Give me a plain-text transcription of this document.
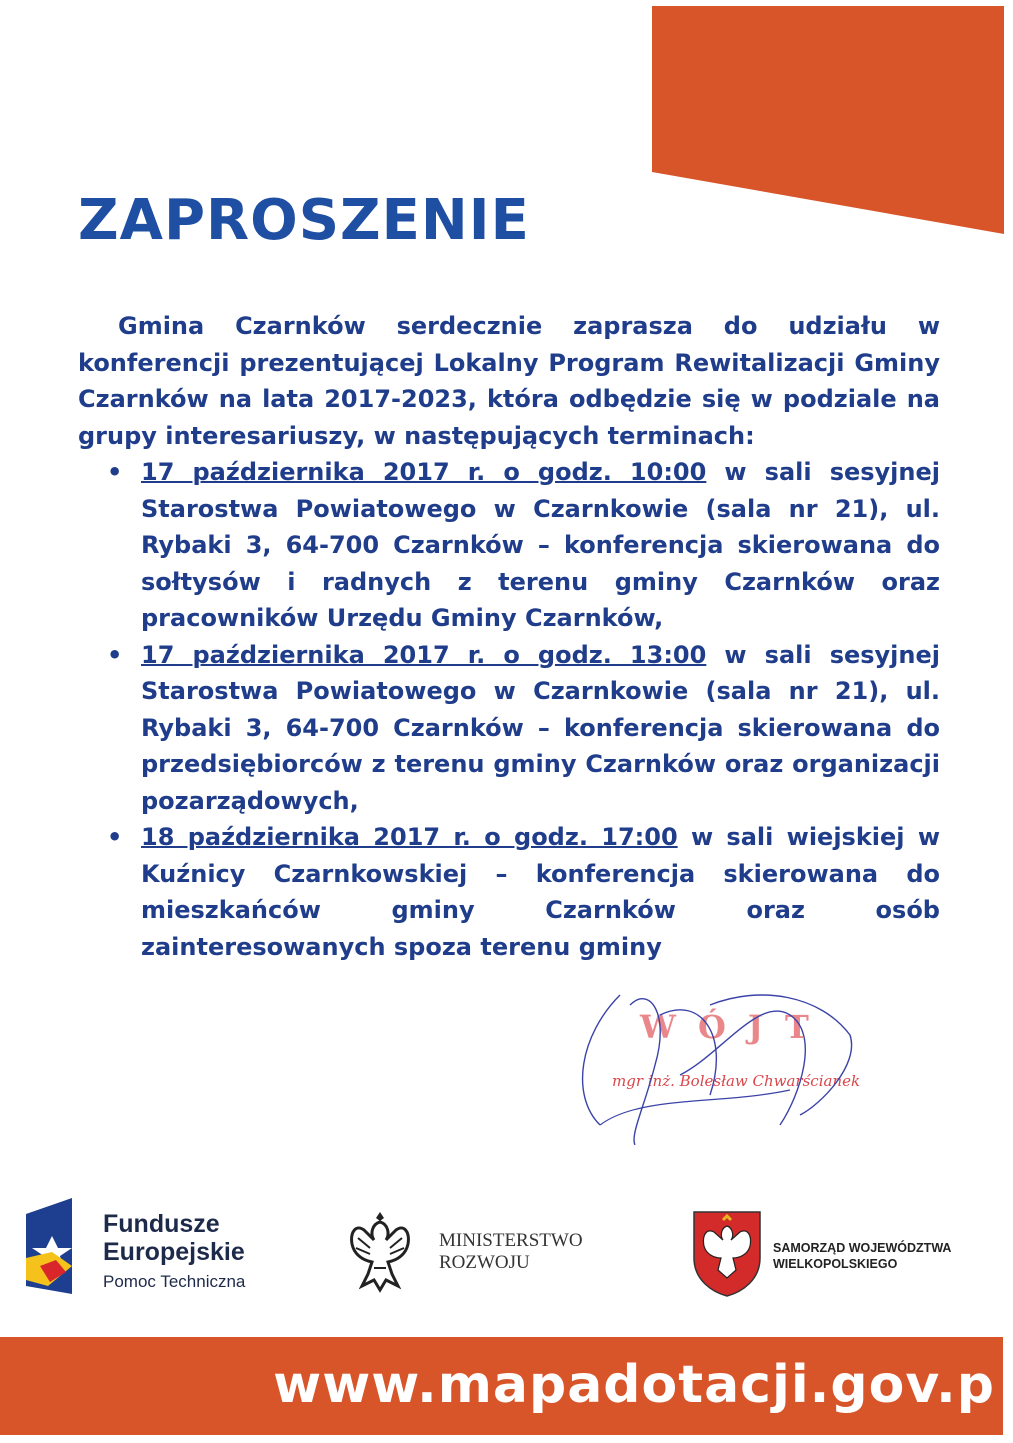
ZAPROSZENIE

Gmina Czarnków serdecznie zaprasza do udziału w konferencji prezentującej Lokalny Program Rewitalizacji Gminy Czarnków na lata 2017-2023, która odbędzie się w podziale na grupy interesariuszy, w następujących terminach:

• 17 października 2017 r. o godz. 10:00 w sali sesyjnej Starostwa Powiatowego w Czarnkowie (sala nr 21), ul. Rybaki 3, 64-700 Czarnków – konferencja skierowana do sołtysów i radnych z terenu gminy Czarnków oraz pracowników Urzędu Gminy Czarnków,
• 17 października 2017 r. o godz. 13:00 w sali sesyjnej Starostwa Powiatowego w Czarnkowie (sala nr 21), ul. Rybaki 3, 64-700 Czarnków – konferencja skierowana do przedsiębiorców z terenu gminy Czarnków oraz organizacji pozarządowych,
• 18 października 2017 r. o godz. 17:00 w sali wiejskiej w Kuźnicy Czarnkowskiej – konferencja skierowana do mieszkańców gminy Czarnków oraz osób zainteresowanych spoza terenu gminy
WÓJT
mgr inż. Bolesław Chwarścianek
Fundusze
Europejskie
Pomoc Techniczna
MINISTERSTWO
ROZWOJU
SAMORZĄD WOJEWÓDZTWA
WIELKOPOLSKIEGO
www.mapadotacji.gov.p
